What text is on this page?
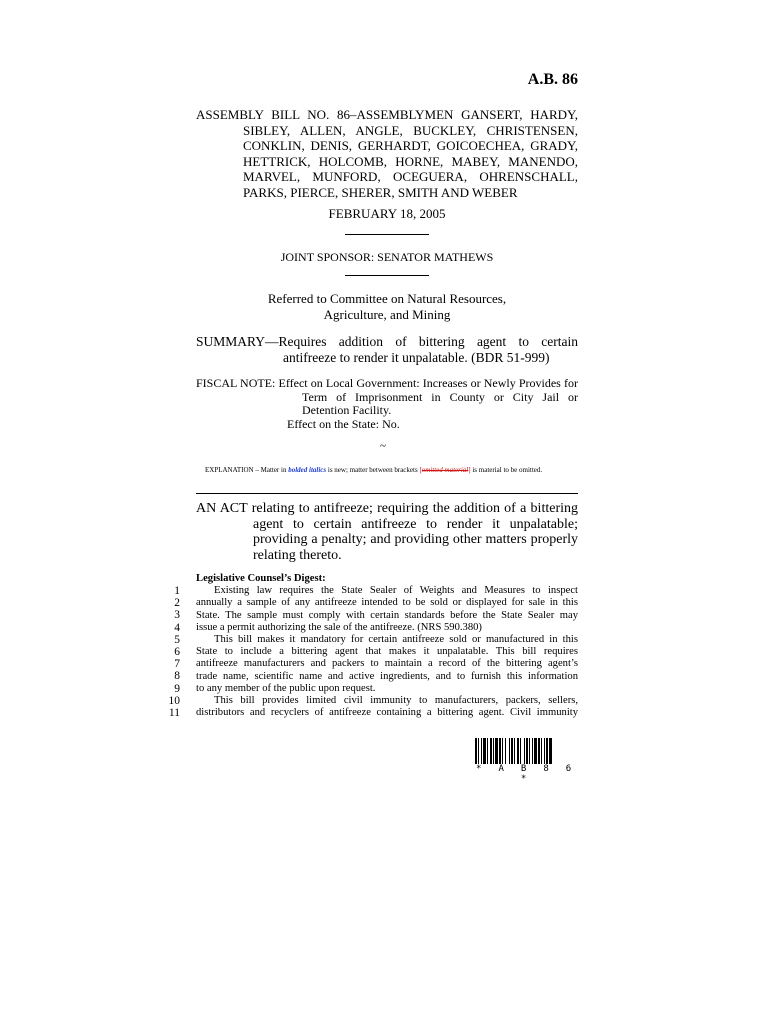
A.B. 86

ASSEMBLY BILL NO. 86–ASSEMBLYMEN GANSERT, HARDY, SIBLEY, ALLEN, ANGLE, BUCKLEY, CHRISTENSEN, CONKLIN, DENIS, GERHARDT, GOICOECHEA, GRADY, HETTRICK, HOLCOMB, HORNE, MABEY, MANENDO, MARVEL, MUNFORD, OCEGUERA, OHRENSCHALL, PARKS, PIERCE, SHERER, SMITH AND WEBER

FEBRUARY 18, 2005
JOINT SPONSOR: SENATOR MATHEWS
Referred to Committee on Natural Resources,
Agriculture, and Mining

SUMMARY—Requires addition of bittering agent to certain antifreeze to render it unpalatable. (BDR 51-999)

FISCAL NOTE: Effect on Local Government: Increases or Newly Provides for Term of Imprisonment in County or City Jail or Detention Facility.
Effect on the State: No.
~
EXPLANATION – Matter in bolded italics is new; matter between brackets [omitted material] is material to be omitted.

AN ACT relating to antifreeze; requiring the addition of a bittering agent to certain antifreeze to render it unpalatable; providing a penalty; and providing other matters properly relating thereto.

1
2
3
4
5
6
7
8
9
10
11
Legislative Counsel’s Digest:
Existing law requires the State Sealer of Weights and Measures to inspect
annually a sample of any antifreeze intended to be sold or displayed for sale in this
State. The sample must comply with certain standards before the State Sealer may
issue a permit authorizing the sale of the antifreeze. (NRS 590.380)
This bill makes it mandatory for certain antifreeze sold or manufactured in this
State to include a bittering agent that makes it unpalatable. This bill requires
antifreeze manufacturers and packers to maintain a record of the bittering agent’s
trade name, scientific name and active ingredients, and to furnish this information
to any member of the public upon request.
This bill provides limited civil immunity to manufacturers, packers, sellers,
distributors and recyclers of antifreeze containing a bittering agent. Civil immunity
* A B 8 6 *
